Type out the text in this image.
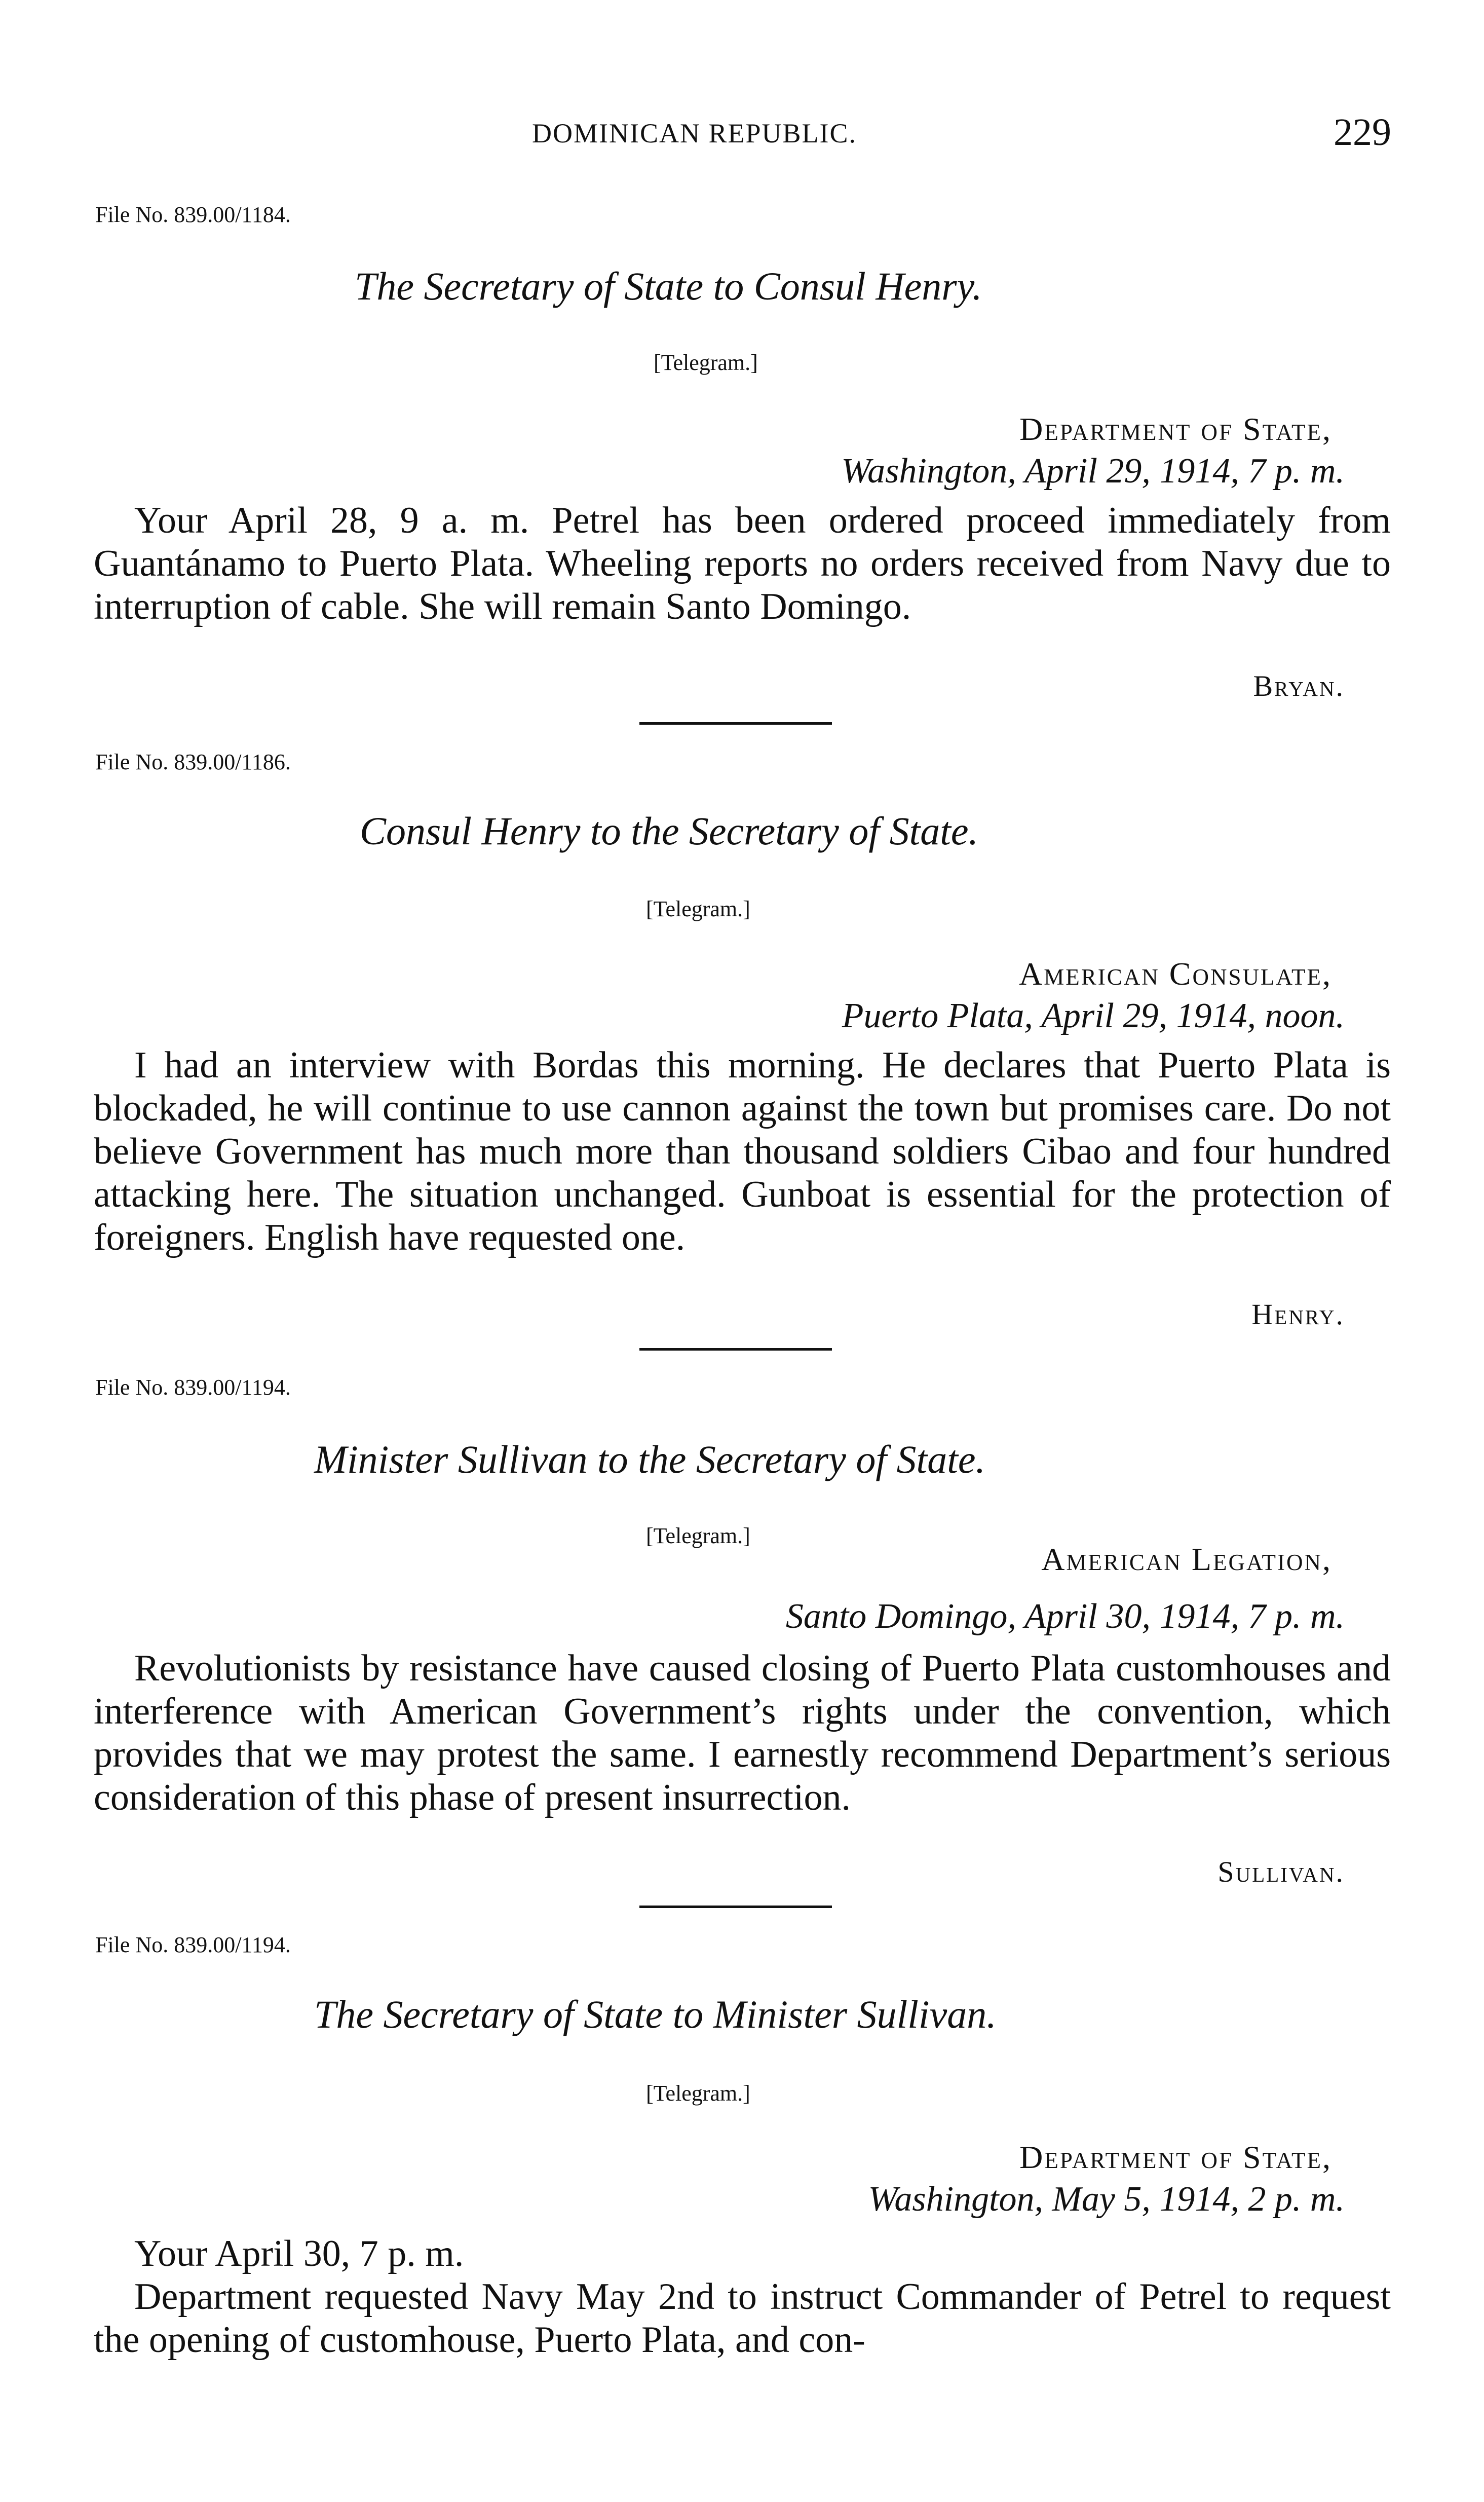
DOMINICAN REPUBLIC.	229
File No. 839.00/1184.
The Secretary of State to Consul Henry.
[Telegram.]
Department of State,
Washington, April 29, 1914, 7 p. m.

Your April 28, 9 a. m. Petrel has been ordered proceed immediately from Guantánamo to Puerto Plata. Wheeling reports no orders received from Navy due to interruption of cable. She will remain Santo Domingo.

Bryan.
File No. 839.00/1186.
Consul Henry to the Secretary of State.
[Telegram.]
American Consulate,
Puerto Plata, April 29, 1914, noon.

I had an interview with Bordas this morning. He declares that Puerto Plata is blockaded, he will continue to use cannon against the town but promises care. Do not believe Government has much more than thousand soldiers Cibao and four hundred attacking here. The situation unchanged. Gunboat is essential for the protection of foreigners. English have requested one.

Henry.
File No. 839.00/1194.
Minister Sullivan to the Secretary of State.
[Telegram.]
American Legation,
Santo Domingo, April 30, 1914, 7 p. m.

Revolutionists by resistance have caused closing of Puerto Plata customhouses and interference with American Government’s rights under the convention, which provides that we may protest the same. I earnestly recommend Department’s serious consideration of this phase of present insurrection.

Sullivan.
File No. 839.00/1194.
The Secretary of State to Minister Sullivan.
[Telegram.]
Department of State,
Washington, May 5, 1914, 2 p. m.

Your April 30, 7 p. m.

Department requested Navy May 2nd to instruct Commander of Petrel to request the opening of customhouse, Puerto Plata, and con-
